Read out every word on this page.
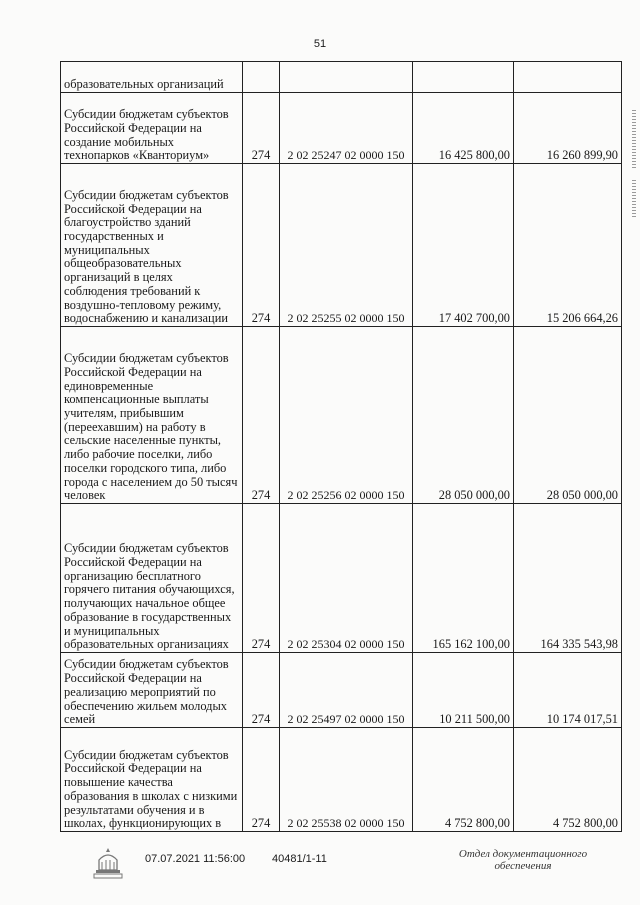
51
образовательных организаций				
Субсидии бюджетам субъектов Российской Федерации на создание мобильных технопарков «Кванториум»	274	2 02 25247 02 0000 150	16 425 800,00	16 260 899,90
Субсидии бюджетам субъектов Российской Федерации на благоустройство зданий государственных и муниципальных общеобразовательных организаций в целях соблюдения требований к воздушно-тепловому режиму, водоснабжению и канализации	274	2 02 25255 02 0000 150	17 402 700,00	15 206 664,26
Субсидии бюджетам субъектов Российской Федерации на единовременные компенсационные выплаты учителям, прибывшим (переехавшим) на работу в сельские населенные пункты, либо рабочие поселки, либо поселки городского типа, либо города с населением до 50 тысяч человек	274	2 02 25256 02 0000 150	28 050 000,00	28 050 000,00
Субсидии бюджетам субъектов Российской Федерации на организацию бесплатного горячего питания обучающихся, получающих начальное общее образование в государственных и муниципальных образовательных организациях	274	2 02 25304 02 0000 150	165 162 100,00	164 335 543,98
Субсидии бюджетам субъектов Российской Федерации на реализацию мероприятий по обеспечению жильем молодых семей	274	2 02 25497 02 0000 150	10 211 500,00	10 174 017,51
Субсидии бюджетам субъектов Российской Федерации на повышение качества образования в школах с низкими результатами обучения и в школах, функционирующих в	274	2 02 25538 02 0000 150	4 752 800,00	4 752 800,00
07.07.2021 11:56:00 40481/1-11	Отдел документационного обеспечения
